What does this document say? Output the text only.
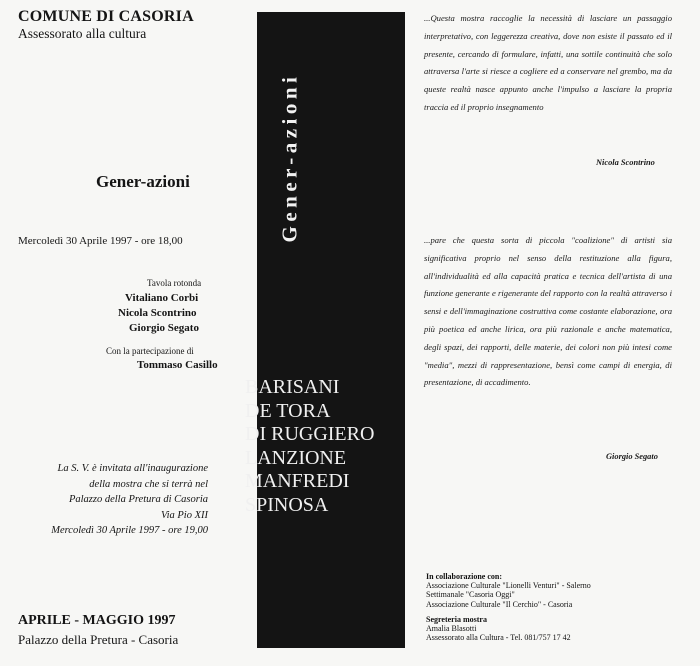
COMUNE DI CASORIA
Assessorato alla cultura
Gener-azioni
Mercoledì 30 Aprile 1997 - ore 18,00
Tavola rotonda
Vitaliano Corbi
Nicola Scontrino
Giorgio Segato
Con la partecipazione di
Tommaso Casillo
La S. V. è invitata all'inaugurazione
della mostra che si terrà nel
Palazzo della Pretura di Casoria
Via Pio XII
Mercoledì 30 Aprile 1997 - ore 19,00
APRILE - MAGGIO 1997
Palazzo della Pretura - Casoria
Gener-azioni
BARISANI
DE TORA
DI RUGGIERO
LANZIONE
MANFREDI
SPINOSA
...Questa mostra raccoglie la necessità di lasciare un passaggio interpretativo, con leggerezza creativa, dove non esiste il passato ed il presente, cercando di formulare, infatti, una sottile continuità che solo attraversa l'arte si riesce a cogliere ed a conservare nel grembo, ma da queste realtà nasce appunto anche l'impulso a lasciare la propria traccia ed il proprio insegnamento
Nicola Scontrino
...pare che questa sorta di piccola "coalizione" di artisti sia significativa proprio nel senso della restituzione alla figura, all'individualità ed alla capacità pratica e tecnica dell'artista di una funzione generante e rigenerante del rapporto con la realtà attraverso i sensi e dell'immaginazione costruttiva come costante elaborazione, ora più poetica ed anche lirica, ora più razionale e anche matematica, degli spazi, dei rapporti, delle materie, dei colori non più intesi come "media", mezzi di rappresentazione, bensì come campi di energia, di presentazione, di accadimento.
Giorgio Segato
In collaborazione con:
Associazione Culturale "Lionelli Venturi" - Salerno
Settimanale "Casoria Oggi"
Associazione Culturale "Il Cerchio" - Casoria
Segreteria mostra
Amalia Blasotti
Assessorato alla Cultura - Tel. 081/757 17 42
